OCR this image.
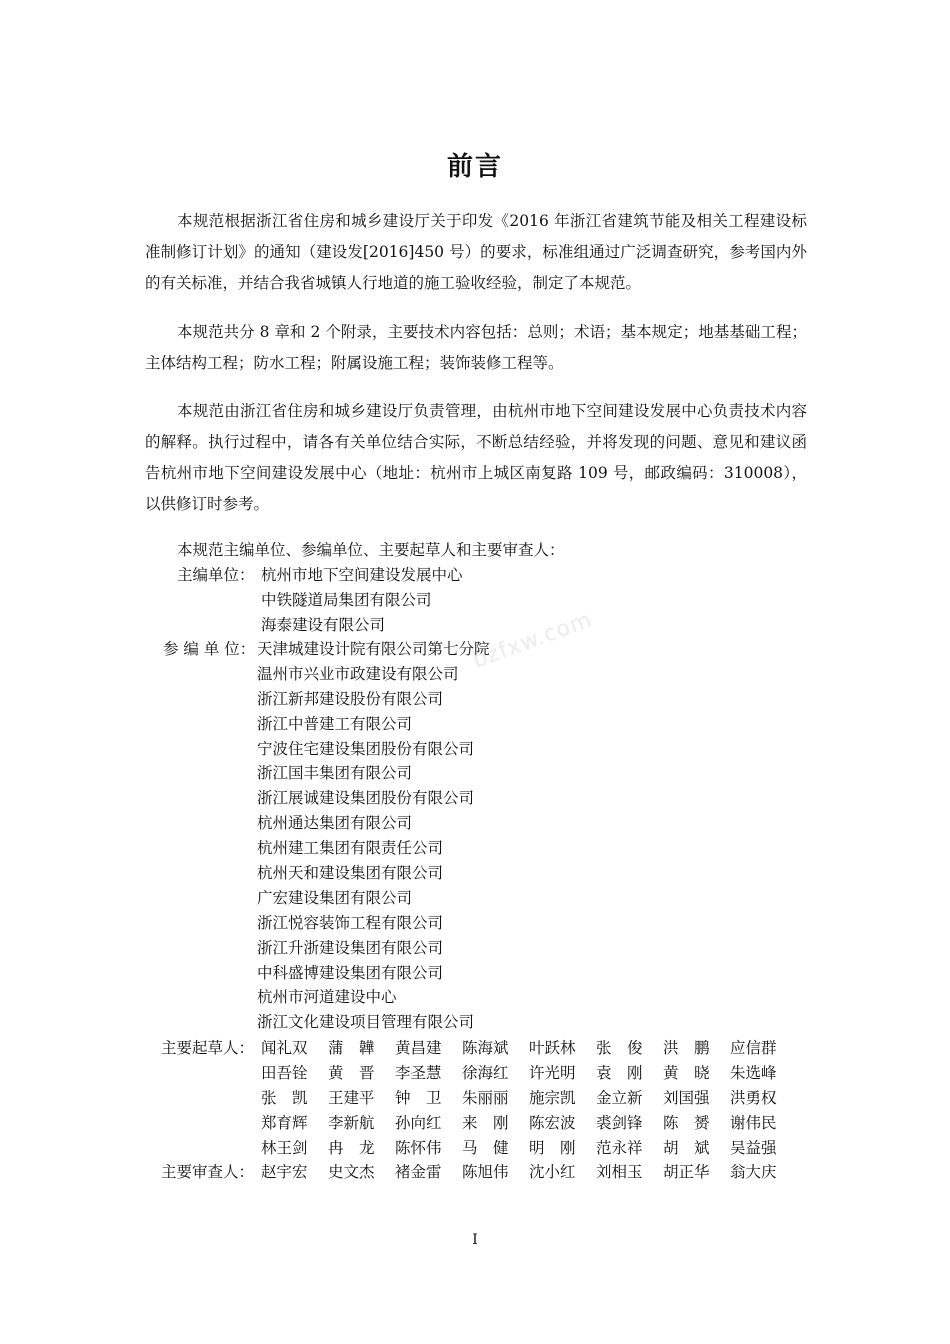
前言

本规范根据浙江省住房和城乡建设厅关于印发《2016 年浙江省建筑节能及相关工程建设标准制修订计划》的通知（建设发[2016]450 号）的要求，标准组通过广泛调查研究，参考国内外的有关标准，并结合我省城镇人行地道的施工验收经验，制定了本规范。

本规范共分 8 章和 2 个附录，主要技术内容包括：总则；术语；基本规定；地基基础工程；主体结构工程；防水工程；附属设施工程；装饰装修工程等。

本规范由浙江省住房和城乡建设厅负责管理，由杭州市地下空间建设发展中心负责技术内容的解释。执行过程中，请各有关单位结合实际，不断总结经验，并将发现的问题、意见和建议函告杭州市地下空间建设发展中心（地址：杭州市上城区南复路 109 号，邮政编码：310008），以供修订时参考。

本规范主编单位、参编单位、主要起草人和主要审查人：
主编单位： 杭州市地下空间建设发展中心
中铁隧道局集团有限公司
海泰建设有限公司
参 编 单 位： 天津城建设计院有限公司第七分院
温州市兴业市政建设有限公司
浙江新邦建设股份有限公司
浙江中普建工有限公司
宁波住宅建设集团股份有限公司
浙江国丰集团有限公司
浙江展诚建设集团股份有限公司
杭州通达集团有限公司
杭州建工集团有限责任公司
杭州天和建设集团有限公司
广宏建设集团有限公司
浙江悦容装饰工程有限公司
浙江升浙建设集团有限公司
中科盛博建设集团有限公司
杭州市河道建设中心
浙江文化建设项目管理有限公司
主要起草人： 闻礼双	蒲　韡	黄昌建	陈海斌	叶跃林	张　俊	洪　鹏	应信群
田吾铨	黄　晋	李圣慧	徐海红	许光明	袁　刚	黄　晓	朱选峰
张　凯	王建平	钟　卫	朱丽丽	施宗凯	金立新	刘国强	洪勇权
郑育辉	李新航	孙向红	来　刚	陈宏波	裘剑锋	陈　赟	谢伟民
林王剑	冉　龙	陈怀伟	马　健	明　刚	范永祥	胡　斌	吴益强
主要审查人： 赵宇宏	史文杰	褚金雷	陈旭伟	沈小红	刘相玉	胡正华	翁大庆
bzfxw.com
I
